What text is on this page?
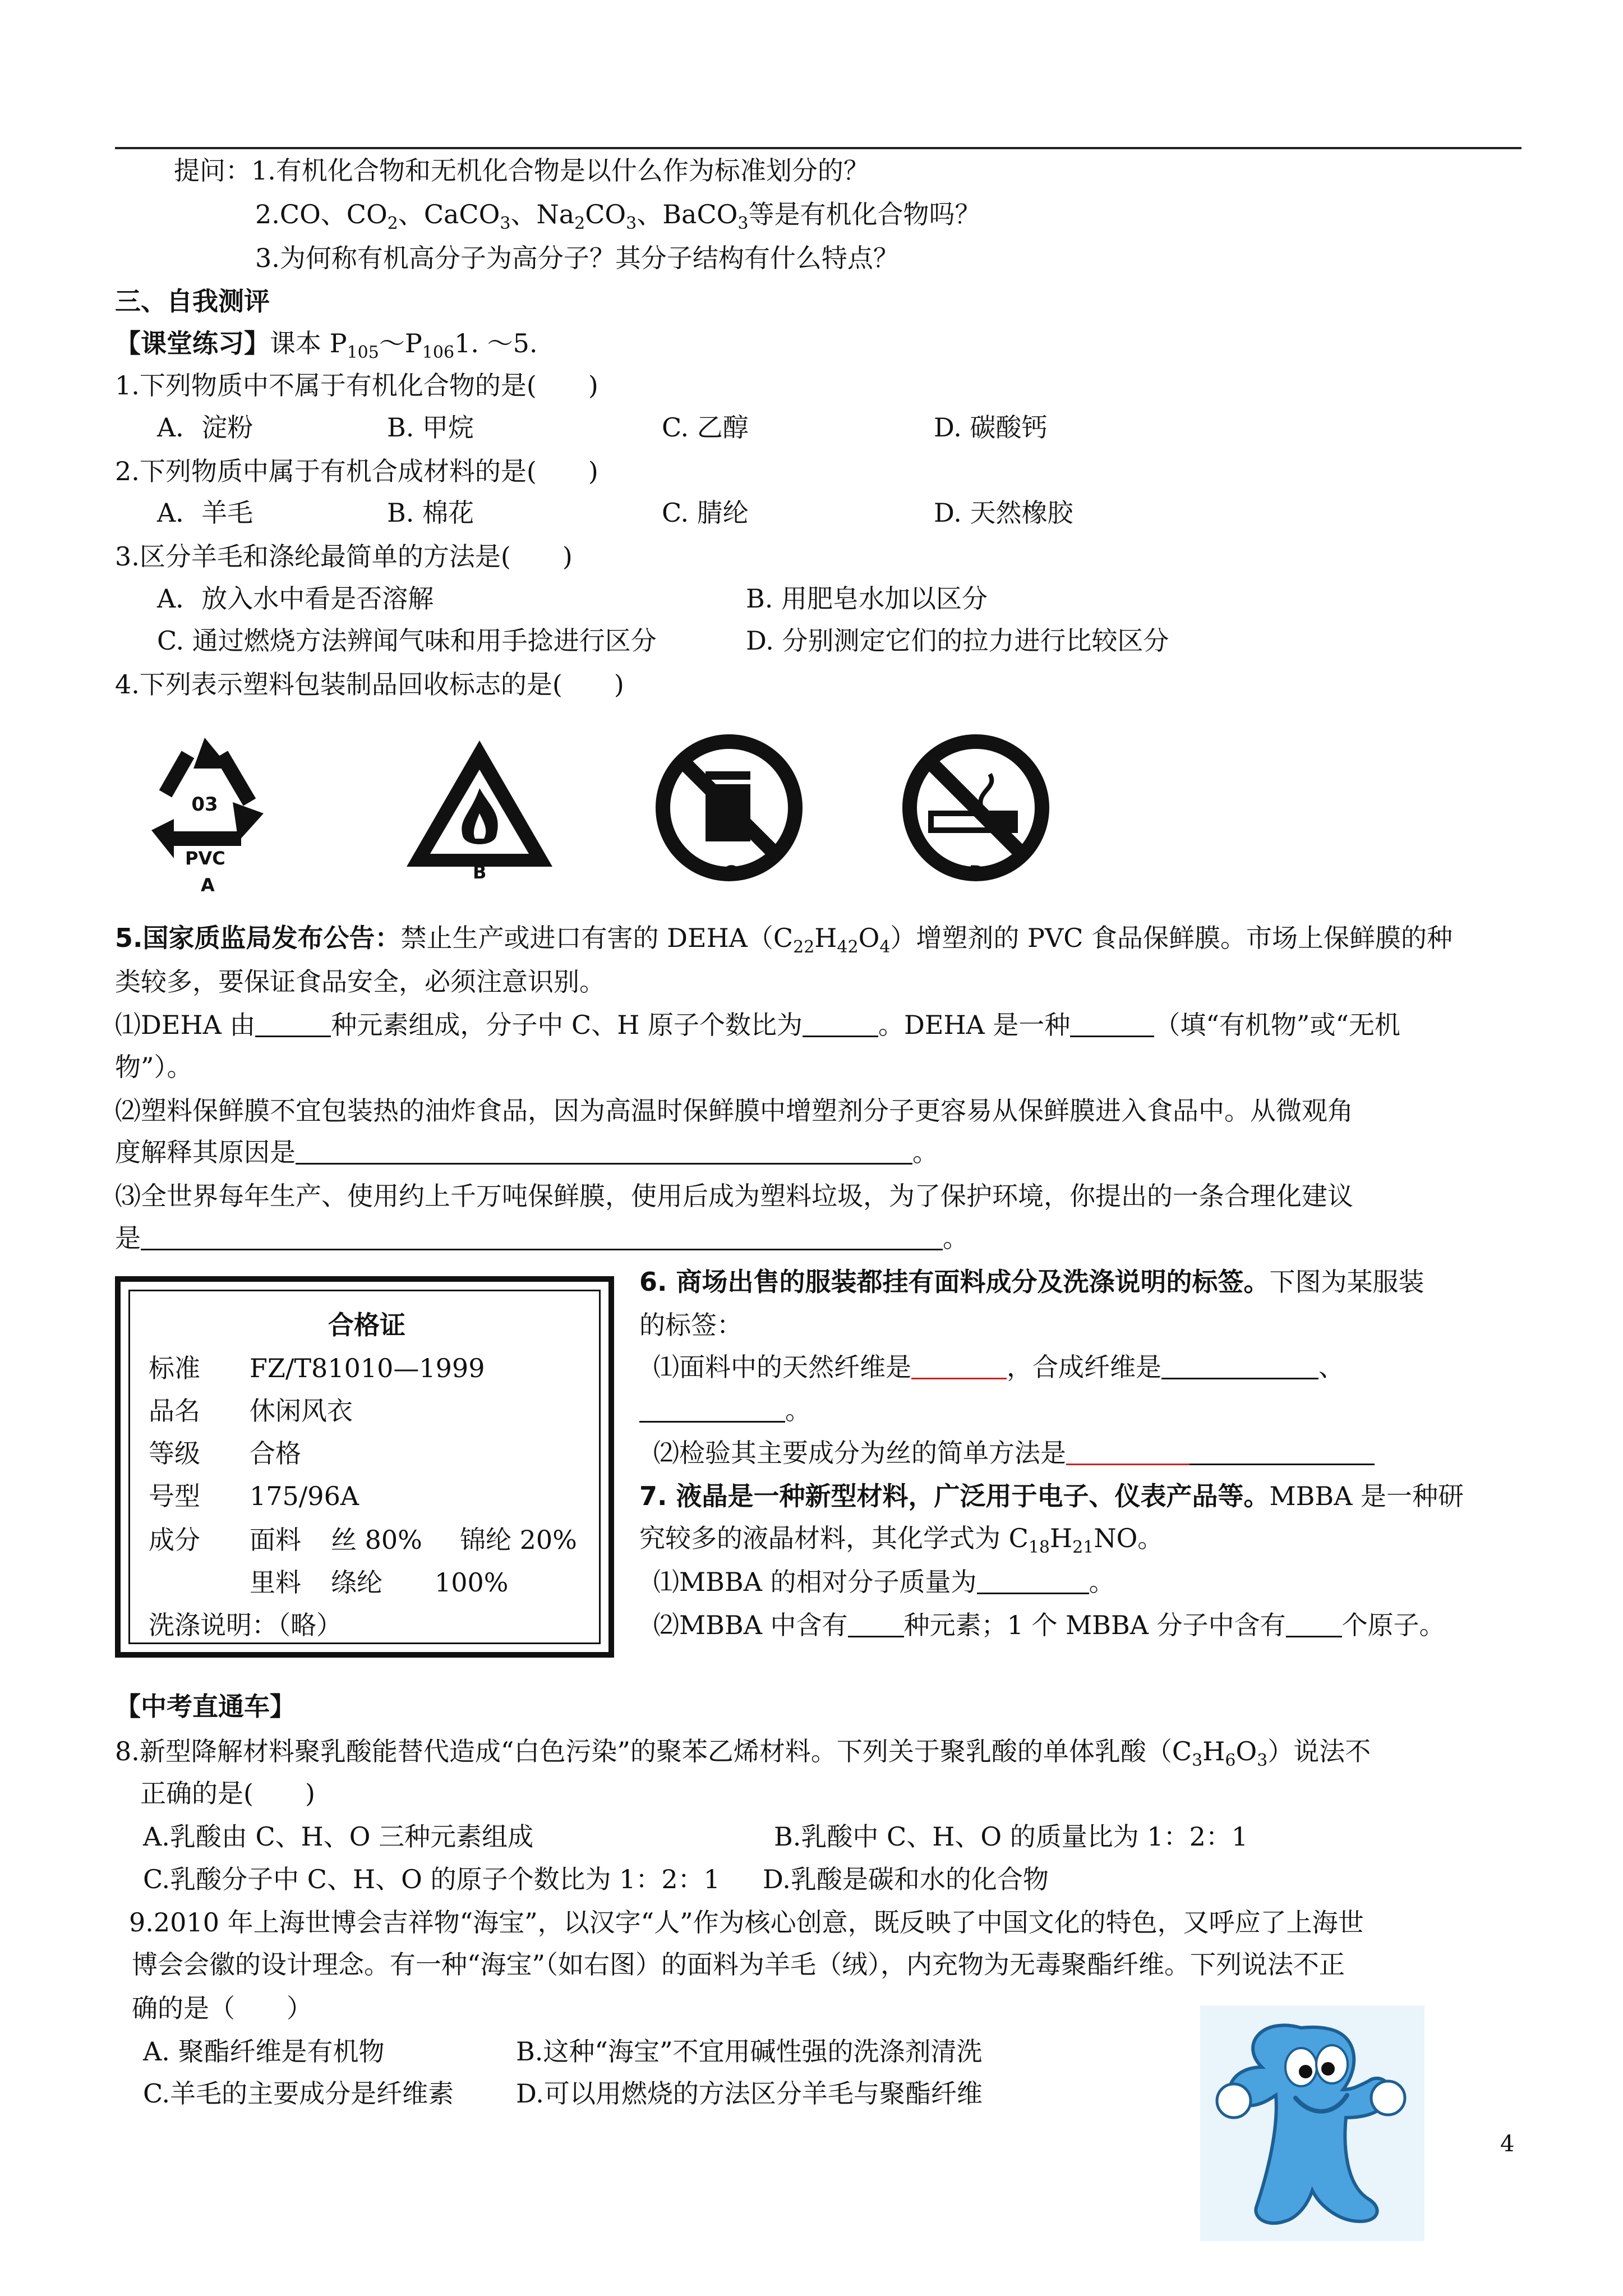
提问：1.有机化合物和无机化合物是以什么作为标准划分的？
2.CO、$CO_2$、CaCO$_3$、$Na_2CO_3$、BaCO$_3$等是有机化合物吗？
3.为何称有机高分子为高分子？其分子结构有什么特点？
三、自我测评
【课堂练习】课本 $P_{105}\sim P_{106}1$. ～5.
1.下列物质中不属于有机化合物的是(　　)
A．淀粉	B. 甲烷	C. 乙醇	D. 碳酸钙
2.下列物质中属于有机合成材料的是(　　)
A．羊毛	B. 棉花	C. 腈纶	D. 天然橡胶
3.区分羊毛和涤纶最简单的方法是(　　)
A．放入水中看是否溶解	B. 用肥皂水加以区分
C. 通过燃烧方法辨闻气味和用手捻进行区分	D. 分别测定它们的拉力进行比较区分
4.下列表示塑料包装制品回收标志的是(　　)
03
PVC
A
B	C	D
5.国家质监局发布公告：禁止生产或进口有害的 $DEHA(C_{22}H_{42}O_4)$增塑剂的 PVC 食品保鲜膜。市场上保鲜膜的种
类较多，要保证食品安全，必须注意识别。
⑴DEHA 由	种元素组成，分子中 C、H 原子个数比为	。DEHA 是一种	（填“有机物”或“无机
物”）。
⑵塑料保鲜膜不宜包装热的油炸食品，因为高温时保鲜膜中增塑剂分子更容易从保鲜膜进入食品中。从微观角
度解释其原因是	。
⑶全世界每年生产、使用约上千万吨保鲜膜，使用后成为塑料垃圾，为了保护环境，你提出的一条合理化建议
是	。
合格证
标准 FZ/T81010—1999
品名 休闲风衣
等级 合格
号型 175/96A
成分 面料 丝 80% 锦纶 20%
里料 绦纶 100%
洗涤说明：（略）
6. 商场出售的服装都挂有面料成分及洗涤说明的标签。下图为某服装
的标签：
⑴面料中的天然纤维是	，合成纤维是	、
。
⑵检验其主要成分为丝的简单方法是
7. 液晶是一种新型材料，广泛用于电子、仪表产品等。MBBA 是一种研
究较多的液晶材料，其化学式为 $C_{18}H_{21}NO$。
⑴MBBA 的相对分子质量为	。
⑵MBBA 中含有 种元素；1 个 MBBA 分子中含有 个原子。
【中考直通车】
8.新型降解材料聚乳酸能替代造成“白色污染”的聚苯乙烯材料。下列关于聚乳酸的单体乳酸$(C_3H_6O_3)$说法不
正确的是(　　)
A.乳酸由 C、H、O 三种元素组成	B.乳酸中 C、H、O 的质量比为 1：2：1
C.乳酸分子中 C、H、O 的原子个数比为 1：2：1 D.乳酸是碳和水的化合物
9.2010 年上海世博会吉祥物“海宝”，以汉字“人”作为核心创意，既反映了中国文化的特色，又呼应了上海世
博会会徽的设计理念。有一种“海宝”（如右图）的面料为羊毛（绒），内充物为无毒聚酯纤维。下列说法不正
确的是（　　）
A. 聚酯纤维是有机物	B.这种“海宝”不宜用碱性强的洗涤剂清洗
C.羊毛的主要成分是纤维素 D.可以用燃烧的方法区分羊毛与聚酯纤维
4
